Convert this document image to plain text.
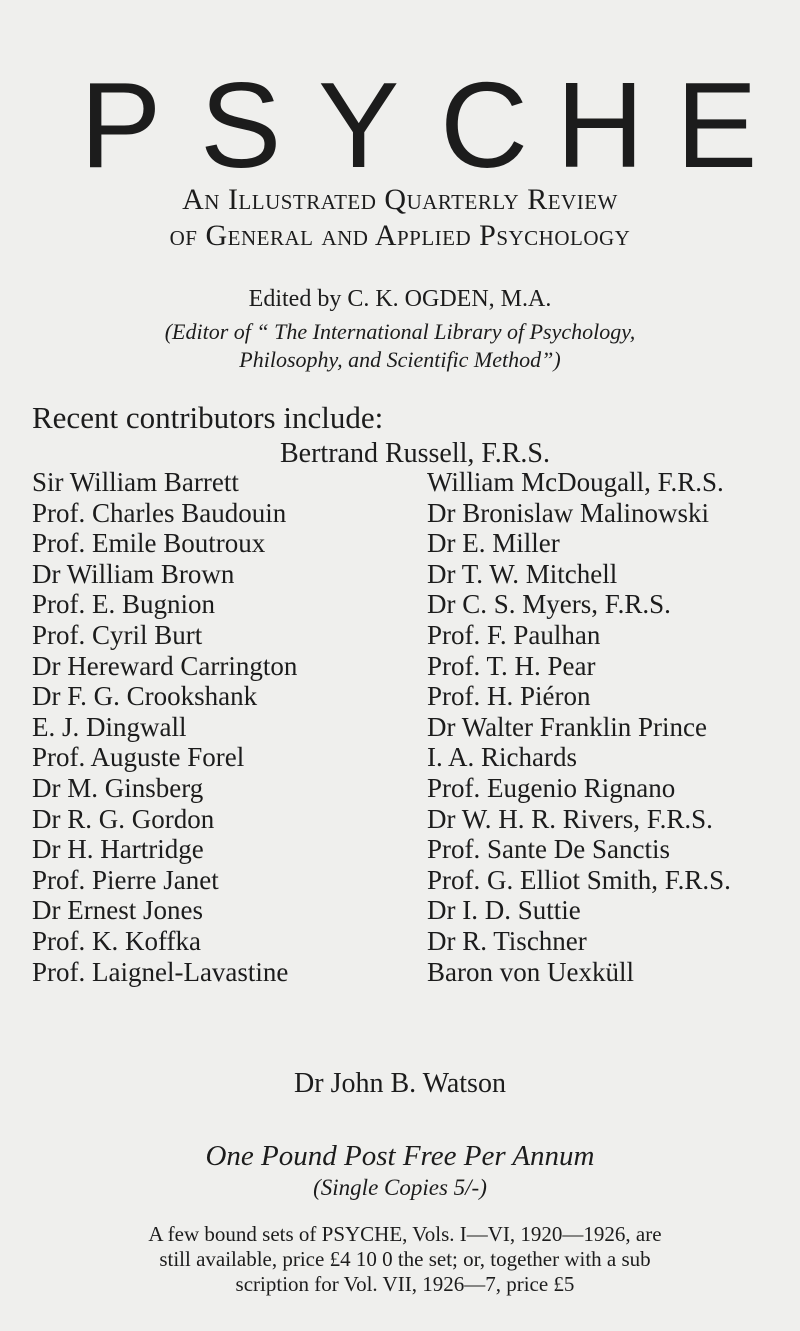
P S Y C H E
An Illustrated Quarterly Review
of General and Applied Psychology
Edited by C. K. OGDEN, M.A.
(Editor of “ The International Library of Psychology,
Philosophy, and Scientific Method”)
Recent contributors include:
Bertrand Russell, F.R.S.
Sir William Barrett
Prof. Charles Baudouin
Prof. Emile Boutroux
Dr William Brown
Prof. E. Bugnion
Prof. Cyril Burt
Dr Hereward Carrington
Dr F. G. Crookshank
E. J. Dingwall
Prof. Auguste Forel
Dr M. Ginsberg
Dr R. G. Gordon
Dr H. Hartridge
Prof. Pierre Janet
Dr Ernest Jones
Prof. K. Koffka
Prof. Laignel-Lavastine
William McDougall, F.R.S.
Dr Bronislaw Malinowski
Dr E. Miller
Dr T. W. Mitchell
Dr C. S. Myers, F.R.S.
Prof. F. Paulhan
Prof. T. H. Pear
Prof. H. Piéron
Dr Walter Franklin Prince
I. A. Richards
Prof. Eugenio Rignano
Dr W. H. R. Rivers, F.R.S.
Prof. Sante De Sanctis
Prof. G. Elliot Smith, F.R.S.
Dr I. D. Suttie
Dr R. Tischner
Baron von Uexküll
Dr John B. Watson
One Pound Post Free Per Annum
(Single Copies 5/-)
A few bound sets of PSYCHE, Vols. I—VI, 1920—1926, are
still available, price £4 10 0 the set; or, together with a sub
scription for Vol. VII, 1926—7, price £5
